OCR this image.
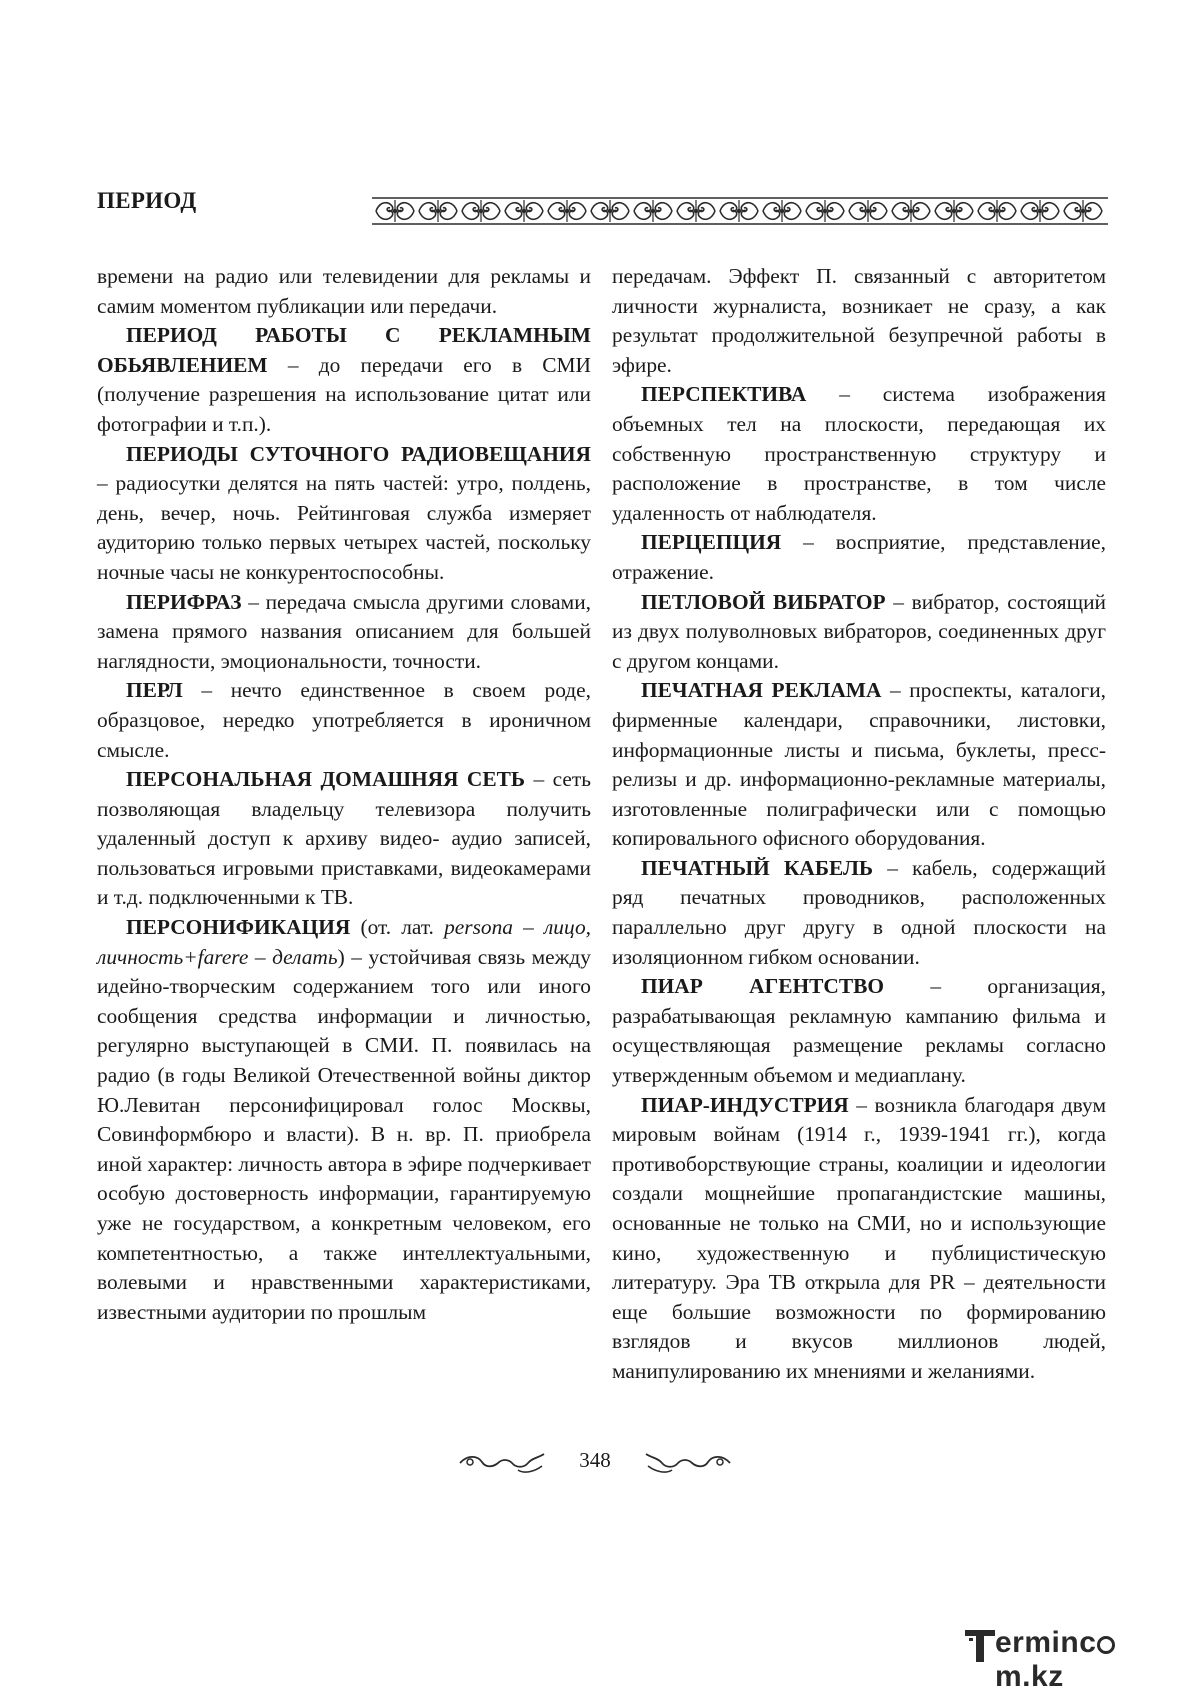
ПЕРИОД

времени на радио или телевидении для рекламы и самим моментом публикации или передачи.

ПЕРИОД РАБОТЫ С РЕКЛАМНЫМ ОБЬЯВЛЕНИЕМ – до передачи его в СМИ (получение разрешения на использование цитат или фотографии и т.п.).

ПЕРИОДЫ СУТОЧНОГО РАДИОВЕЩАНИЯ – радиосутки делятся на пять частей: утро, полдень, день, вечер, ночь. Рейтинговая служба измеряет аудиторию только первых четырех частей, поскольку ночные часы не конкурентоспособны.

ПЕРИФРАЗ – передача смысла другими словами, замена прямого названия описанием для большей наглядности, эмоциональности, точности.

ПЕРЛ – нечто единственное в своем роде, образцовое, нередко употребляется в ироничном смысле.

ПЕРСОНАЛЬНАЯ ДОМАШНЯЯ СЕТЬ – сеть позволяющая владельцу телевизора получить удаленный доступ к архиву видео- аудио записей, пользоваться игровыми приставками, видеокамерами и т.д. подключенными к ТВ.

ПЕРСОНИФИКАЦИЯ (от. лат. persona – лицо, личность+farere – делать) – устойчивая связь между идейно-творческим содержанием того или иного сообщения средства информации и личностью, регулярно выступающей в СМИ. П. появилась на радио (в годы Великой Отечественной войны диктор Ю.Левитан персонифицировал голос Москвы, Совинформбюро и власти). В н. вр. П. приобрела иной характер: личность автора в эфире подчеркивает особую достоверность информации, гарантируемую уже не государством, а конкретным человеком, его компетентностью, а также интеллектуальными, волевыми и нравственными характеристиками, известными аудитории по прошлым

передачам. Эффект П. связанный с авторитетом личности журналиста, возникает не сразу, а как результат продолжительной безупречной работы в эфире.

ПЕРСПЕКТИВА – система изображения объемных тел на плоскости, передающая их собственную пространственную структуру и расположение в пространстве, в том числе удаленность от наблюдателя.

ПЕРЦЕПЦИЯ – восприятие, представление, отражение.

ПЕТЛОВОЙ ВИБРАТОР – вибратор, состоящий из двух полуволновых вибраторов, соединенных друг с другом концами.

ПЕЧАТНАЯ РЕКЛАМА – проспекты, каталоги, фирменные календари, справочники, листовки, информационные листы и письма, буклеты, пресс-релизы и др. информационно-рекламные материалы, изготовленные полиграфически или с помощью копировального офисного оборудования.

ПЕЧАТНЫЙ КАБЕЛЬ – кабель, содержащий ряд печатных проводников, расположенных параллельно друг другу в одной плоскости на изоляционном гибком основании.

ПИАР АГЕНТСТВО – организация, разрабатывающая рекламную кампанию фильма и осуществляющая размещение рекламы согласно утвержденным объемом и медиаплану.

ПИАР-ИНДУСТРИЯ – возникла благодаря двум мировым войнам (1914 г., 1939-1941 гг.), когда противоборствующие страны, коалиции и идеологии создали мощнейшие пропагандистские машины, основанные не только на СМИ, но и использующие кино, художественную и публицистическую литературу. Эра ТВ открыла для PR – деятельности еще большие возможности по формированию взглядов и вкусов миллионов людей, манипулированию их мнениями и желаниями.

348
ermincm.kz
